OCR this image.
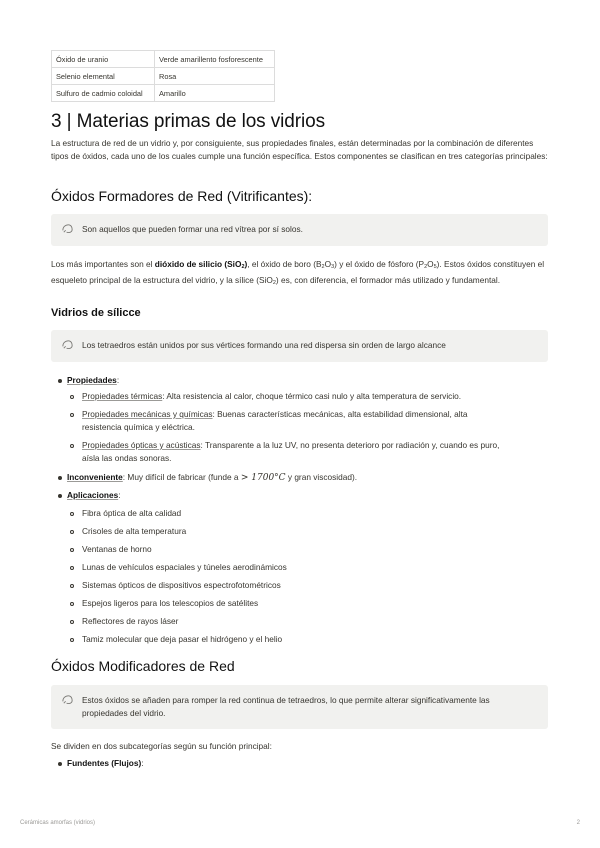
Óxido de uranio	Verde amarillento fosforescente
Selenio elemental	Rosa
Sulfuro de cadmio coloidal	Amarillo
3 | Materias primas de los vidrios

La estructura de red de un vidrio y, por consiguiente, sus propiedades finales, están determinadas por la combinación de diferentes tipos de óxidos, cada uno de los cuales cumple una función específica. Estos componentes se clasifican en tres categorías principales:

Óxidos Formadores de Red (Vitrificantes):
Son aquellos que pueden formar una red vítrea por sí solos.

Los más importantes son el dióxido de silicio (SiO$_2$), el óxido de boro $(B_2O_3)$ y el óxido de fósforo $(P_2O_5)$. Estos óxidos constituyen el esqueleto principal de la estructura del vidrio, y la sílice (SiO$_2$) es, con diferencia, el formador más utilizado y fundamental.

Vidrios de sílicce
Los tetraedros están unidos por sus vértices formando una red dispersa sin orden de largo alcance
Propiedades:
Propiedades térmicas: Alta resistencia al calor, choque térmico casi nulo y alta temperatura de servicio.
Propiedades mecánicas y químicas: Buenas características mecánicas, alta estabilidad dimensional, alta
resistencia química y eléctrica.
Propiedades ópticas y acústicas: Transparente a la luz UV, no presenta deterioro por radiación y, cuando es puro,
aísla las ondas sonoras.
Inconveniente: Muy difícil de fabricar (funde a > 1700°C y gran viscosidad).
Aplicaciones:
Fibra óptica de alta calidad
Crisoles de alta temperatura
Ventanas de horno
Lunas de vehículos espaciales y túneles aerodinámicos
Sistemas ópticos de dispositivos espectrofotométricos
Espejos ligeros para los telescopios de satélites
Reflectores de rayos láser
Tamiz molecular que deja pasar el hidrógeno y el helio
Óxidos Modificadores de Red
Estos óxidos se añaden para romper la red continua de tetraedros, lo que permite alterar significativamente las
propiedades del vidrio.

Se dividen en dos subcategorías según su función principal:

Fundentes (Flujos):
Cerámicas amorfas (vidrios)	2
